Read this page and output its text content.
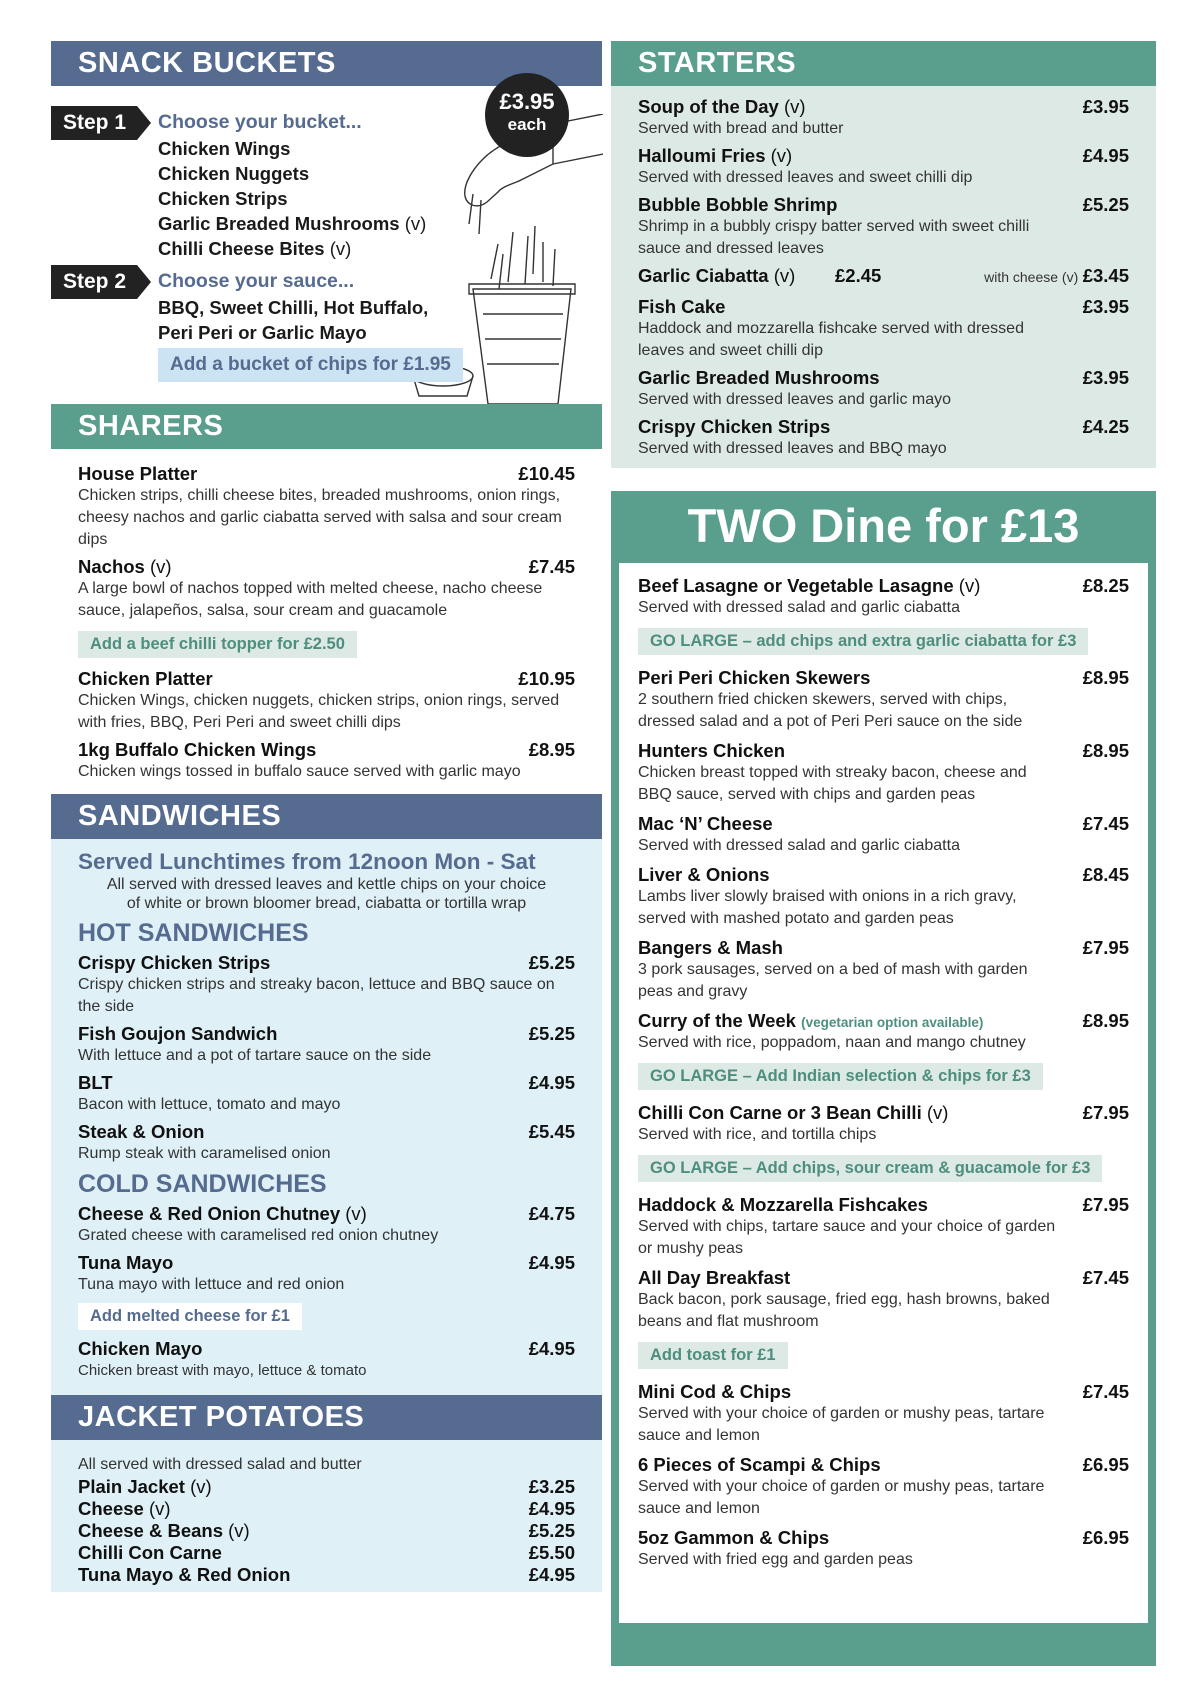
SNACK BUCKETS
£3.95
each
Step 1	Choose your bucket...
Chicken Wings
Chicken Nuggets
Chicken Strips
Garlic Breaded Mushrooms (v)
Chilli Cheese Bites (v)
Step 2	Choose your sauce...
BBQ, Sweet Chilli, Hot Buffalo,
Peri Peri or Garlic Mayo
Add a bucket of chips for £1.95
SHARERS
House Platter	£10.45
Chicken strips, chilli cheese bites, breaded mushrooms, onion rings, cheesy nachos and garlic ciabatta served with salsa and sour cream dips
Nachos (v)	£7.45
A large bowl of nachos topped with melted cheese, nacho cheese sauce, jalapeños, salsa, sour cream and guacamole
Add a beef chilli topper for £2.50
Chicken Platter	£10.95
Chicken Wings, chicken nuggets, chicken strips, onion rings, served with fries, BBQ, Peri Peri and sweet chilli dips
1kg Buffalo Chicken Wings	£8.95
Chicken wings tossed in buffalo sauce served with garlic mayo
SANDWICHES
Served Lunchtimes from 12noon Mon - Sat
All served with dressed leaves and kettle chips on your choice
of white or brown bloomer bread, ciabatta or tortilla wrap
HOT SANDWICHES
Crispy Chicken Strips	£5.25
Crispy chicken strips and streaky bacon, lettuce and BBQ sauce on the side
Fish Goujon Sandwich	£5.25
With lettuce and a pot of tartare sauce on the side
BLT	£4.95
Bacon with lettuce, tomato and mayo
Steak & Onion	£5.45
Rump steak with caramelised onion
COLD SANDWICHES
Cheese & Red Onion Chutney (v)	£4.75
Grated cheese with caramelised red onion chutney
Tuna Mayo	£4.95
Tuna mayo with lettuce and red onion
Add melted cheese for £1
Chicken Mayo	£4.95
Chicken breast with mayo, lettuce & tomato
JACKET POTATOES
All served with dressed salad and butter
Plain Jacket (v)	£3.25
Cheese (v)	£4.95
Cheese & Beans (v)	£5.25
Chilli Con Carne	£5.50
Tuna Mayo & Red Onion	£4.95
STARTERS
Soup of the Day (v)	£3.95
Served with bread and butter
Halloumi Fries (v)	£4.95
Served with dressed leaves and sweet chilli dip
Bubble Bobble Shrimp	£5.25
Shrimp in a bubbly crispy batter served with sweet chilli sauce and dressed leaves
Garlic Ciabatta (v)	£2.45	with cheese (v) £3.45
Fish Cake	£3.95
Haddock and mozzarella fishcake served with dressed leaves and sweet chilli dip
Garlic Breaded Mushrooms	£3.95
Served with dressed leaves and garlic mayo
Crispy Chicken Strips	£4.25
Served with dressed leaves and BBQ mayo
TWO Dine for £13
Beef Lasagne or Vegetable Lasagne (v)	£8.25
Served with dressed salad and garlic ciabatta
GO LARGE – add chips and extra garlic ciabatta for £3
Peri Peri Chicken Skewers	£8.95
2 southern fried chicken skewers, served with chips, dressed salad and a pot of Peri Peri sauce on the side
Hunters Chicken	£8.95
Chicken breast topped with streaky bacon, cheese and BBQ sauce, served with chips and garden peas
Mac ‘N’ Cheese	£7.45
Served with dressed salad and garlic ciabatta
Liver & Onions	£8.45
Lambs liver slowly braised with onions in a rich gravy, served with mashed potato and garden peas
Bangers & Mash	£7.95
3 pork sausages, served on a bed of mash with garden peas and gravy
Curry of the Week (vegetarian option available)	£8.95
Served with rice, poppadom, naan and mango chutney
GO LARGE – Add Indian selection & chips for £3
Chilli Con Carne or 3 Bean Chilli (v)	£7.95
Served with rice, and tortilla chips
GO LARGE – Add chips, sour cream & guacamole for £3
Haddock & Mozzarella Fishcakes	£7.95
Served with chips, tartare sauce and your choice of garden or mushy peas
All Day Breakfast	£7.45
Back bacon, pork sausage, fried egg, hash browns, baked beans and flat mushroom
Add toast for £1
Mini Cod & Chips	£7.45
Served with your choice of garden or mushy peas, tartare sauce and lemon
6 Pieces of Scampi & Chips	£6.95
Served with your choice of garden or mushy peas, tartare sauce and lemon
5oz Gammon & Chips	£6.95
Served with fried egg and garden peas
